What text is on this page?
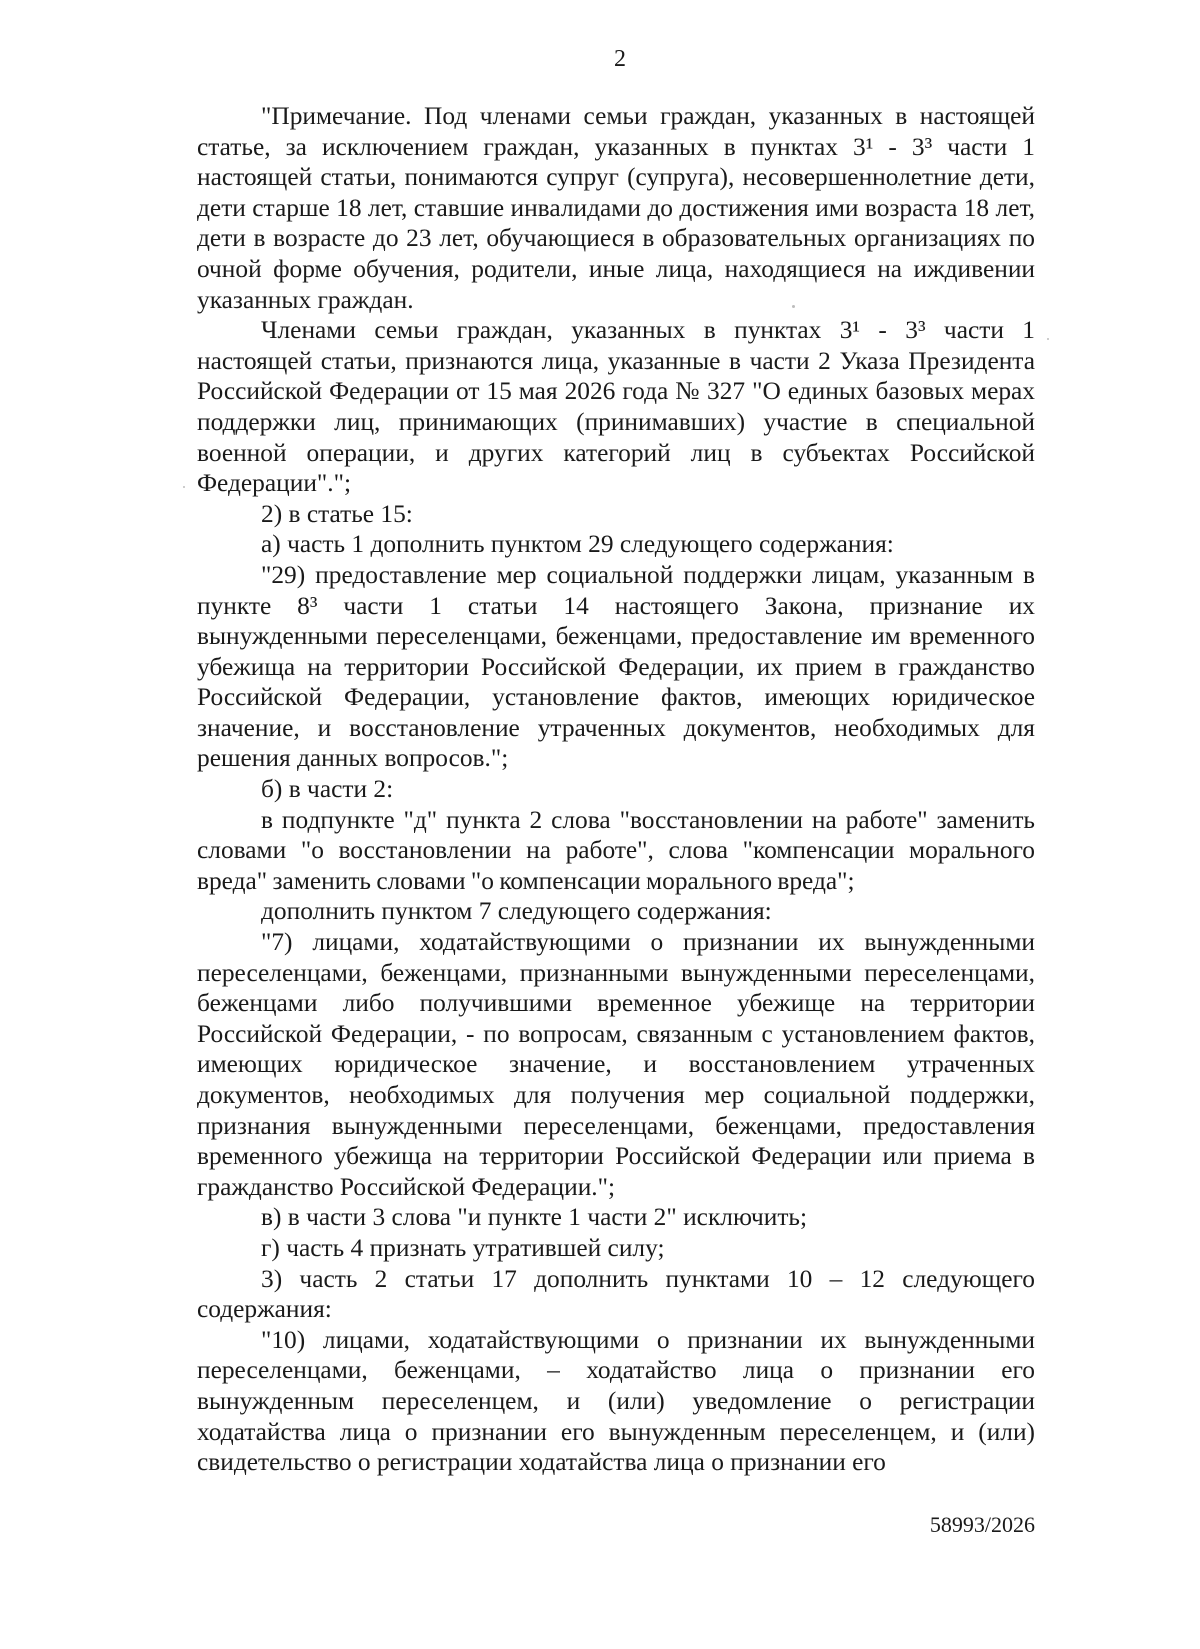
2

"Примечание. Под членами семьи граждан, указанных в настоящей статье, за исключением граждан, указанных в пунктах 3¹ - 3³ части 1 настоящей статьи, понимаются супруг (супруга), несовершеннолетние дети, дети старше 18 лет, ставшие инвалидами до достижения ими возраста 18 лет, дети в возрасте до 23 лет, обучающиеся в образовательных организациях по очной форме обучения, родители, иные лица, находящиеся на иждивении указанных граждан.

Членами семьи граждан, указанных в пунктах 3¹ - 3³ части 1 настоящей статьи, признаются лица, указанные в части 2 Указа Президента Российской Федерации от 15 мая 2026 года № 327 "О единых базовых мерах поддержки лиц, принимающих (принимавших) участие в специальной военной операции, и других категорий лиц в субъектах Российской Федерации".";

2) в статье 15:

а) часть 1 дополнить пунктом 29 следующего содержания:

"29) предоставление мер социальной поддержки лицам, указанным в пункте 8³ части 1 статьи 14 настоящего Закона, признание их вынужденными переселенцами, беженцами, предоставление им временного убежища на территории Российской Федерации, их прием в гражданство Российской Федерации, установление фактов, имеющих юридическое значение, и восстановление утраченных документов, необходимых для решения данных вопросов.";

б) в части 2:

в подпункте "д" пункта 2 слова "восстановлении на работе" заменить словами "о восстановлении на работе", слова "компенсации морального вреда" заменить словами "о компенсации морального вреда";

дополнить пунктом 7 следующего содержания:

"7) лицами, ходатайствующими о признании их вынужденными переселенцами, беженцами, признанными вынужденными переселенцами, беженцами либо получившими временное убежище на территории Российской Федерации, - по вопросам, связанным с установлением фактов, имеющих юридическое значение, и восстановлением утраченных документов, необходимых для получения мер социальной поддержки, признания вынужденными переселенцами, беженцами, предоставления временного убежища на территории Российской Федерации или приема в гражданство Российской Федерации.";

в) в части 3 слова "и пункте 1 части 2" исключить;

г) часть 4 признать утратившей силу;

3) часть 2 статьи 17 дополнить пунктами 10 – 12 следующего содержания:

"10) лицами, ходатайствующими о признании их вынужденными переселенцами, беженцами, – ходатайство лица о признании его вынужденным переселенцем, и (или) уведомление о регистрации ходатайства лица о признании его вынужденным переселенцем, и (или) свидетельство о регистрации ходатайства лица о признании его

58993/2026
